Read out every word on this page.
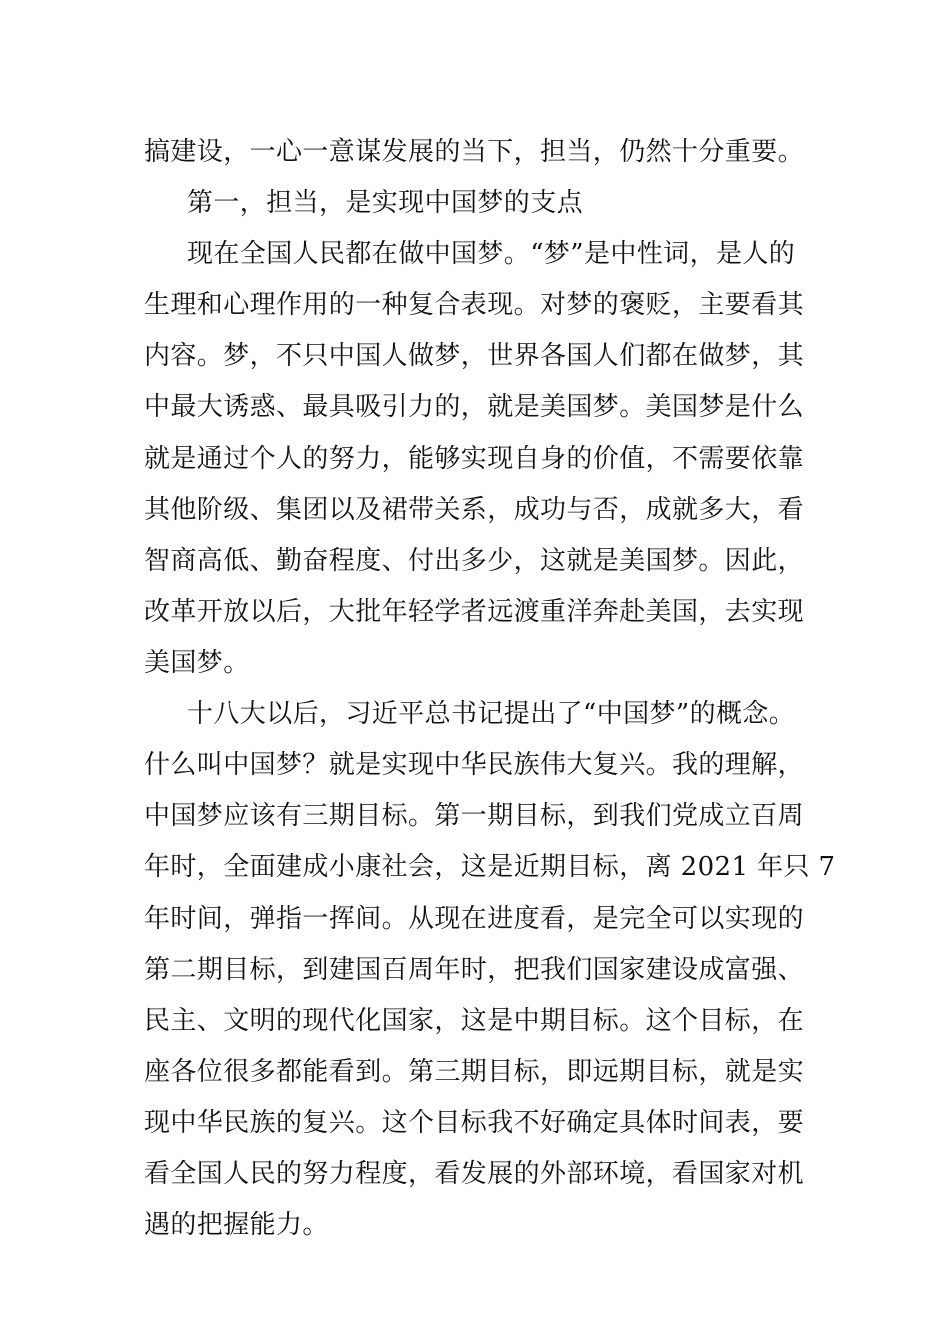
搞建设，一心一意谋发展的当下，担当，仍然十分重要。
第一，担当，是实现中国梦的支点
现在全国人民都在做中国梦。“梦”是中性词，是人的
生理和心理作用的一种复合表现。对梦的褒贬，主要看其
内容。梦，不只中国人做梦，世界各国人们都在做梦，其
中最大诱惑、最具吸引力的，就是美国梦。美国梦是什么
就是通过个人的努力，能够实现自身的价值，不需要依靠
其他阶级、集团以及裙带关系，成功与否，成就多大，看
智商高低、勤奋程度、付出多少，这就是美国梦。因此，
改革开放以后，大批年轻学者远渡重洋奔赴美国，去实现
美国梦。
十八大以后，习近平总书记提出了“中国梦”的概念。
什么叫中国梦？就是实现中华民族伟大复兴。我的理解，
中国梦应该有三期目标。第一期目标，到我们党成立百周
年时，全面建成小康社会，这是近期目标，离 2021 年只 7
年时间，弹指一挥间。从现在进度看，是完全可以实现的
第二期目标，到建国百周年时，把我们国家建设成富强、
民主、文明的现代化国家，这是中期目标。这个目标，在
座各位很多都能看到。第三期目标，即远期目标，就是实
现中华民族的复兴。这个目标我不好确定具体时间表，要
看全国人民的努力程度，看发展的外部环境，看国家对机
遇的把握能力。
